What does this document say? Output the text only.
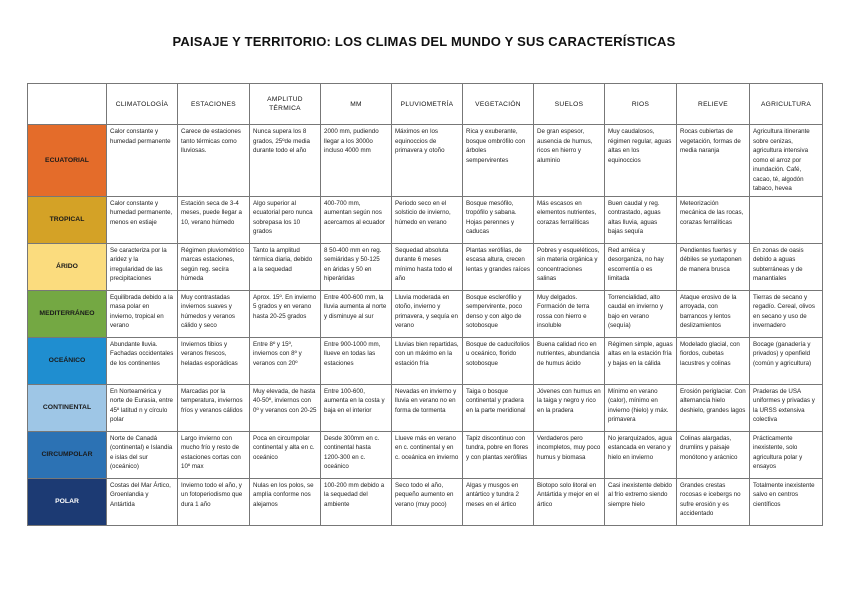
PAISAJE Y TERRITORIO: LOS CLIMAS DEL MUNDO Y SUS CARACTERÍSTICAS
	CLIMATOLOGÍA	ESTACIONES	AMPLITUD TÉRMICA	MM	PLUVIOMETRÍA	VEGETACIÓN	SUELOS	RIOS	RELIEVE	AGRICULTURA
ECUATORIAL	Calor constante y humedad permanente	Carece de estaciones tanto térmicas como lluviosas.	Nunca supera los 8 grados, 25ºde media durante todo el año	2000 mm, pudiendo llegar a los 3000o incluso 4000 mm	Máximos en los equinoccios de primavera y otoño	Rica y exuberante, bosque ombrófilo con árboles sempervirentes	De gran espesor, ausencia de humus, ricos en hierro y aluminio	Muy caudalosos, régimen regular, aguas altas en los equinoccios	Rocas cubiertas de vegetación, formas de media naranja	Agricultura itinerante sobre cenizas, agricultura intensiva como el arroz por inundación. Café, cacao, té, algodón tabaco, hevea
TROPICAL	Calor constante y humedad permanente, menos en estiaje	Estación seca de 3-4 meses, puede llegar a 10, verano húmedo	Algo superior al ecuatorial pero nunca sobrepasa los 10 grados	400-700 mm, aumentan según nos acercamos al ecuador	Periodo seco en el solsticio de invierno, húmedo en verano	Bosque mesófilo, tropófilo y sabana. Hojas perennes y caducas	Más escasos en elementos nutrientes, corazas ferralíticas	Buen caudal y reg. contrastado, aguas altas lluvia, aguas bajas sequía	Meteorización mecánica de las rocas, corazas ferralíticas	
ÁRIDO	Se caracteriza por la aridez y la irregularidad de las precipitaciones	Régimen pluviométrico marcas estaciones, según reg. secíra húmeda	Tanto la amplitud térmica diaria, debido a la sequedad	8 50-400 mm en reg. semiáridas y 50-125 en áridas y 50 en hiperáridas	Sequedad absoluta durante 6 meses mínimo hasta todo el año	Plantas xerófilas, de escasa altura, crecen lentas y grandes raíces	Pobres y esqueléticos, sin materia orgánica y concentraciones salinas	Red arréica y desorganiza, no hay escorrentía o es limitada	Pendientes fuertes y débiles se yuxtaponen de manera brusca	En zonas de oasis debido a aguas subterráneas y de manantiales
MEDITERRÁNEO	Equilibrada debido a la masa polar en invierno, tropical en verano	Muy contrastadas inviernos suaves y húmedos y veranos cálido y seco	Aprox. 15º. En invierno 5 grados y en verano hasta 20-25 grados	Entre 400-600 mm, la lluvia aumenta al norte y disminuye al sur	Lluvia moderada en otoño, invierno y primavera, y sequía en verano	Bosque esclerófilo y sempervirente, poco denso y con algo de sotobosque	Muy delgados. Formación de terra rossa con hierro e insoluble	Torrencialidad, alto caudal en invierno y bajo en verano (sequía)	Ataque erosivo de la arroyada, con barrancos y lentos deslizamientos	Tierras de secano y regadío. Cereal, olivos en secano y uso de invernadero
OCEÁNICO	Abundante lluvia. Fachadas occidentales de los continentes	Inviernos tibios y veranos frescos, heladas esporádicas	Entre 8º y 15º, inviernos con 8º y veranos con 20º	Entre 900-1000 mm, llueve en todas las estaciones	Lluvias bien repartidas, con un máximo en la estación fría	Bosque de caducifolios u oceánico, florido sotobosque	Buena calidad rico en nutrientes, abundancia de humus ácido	Régimen simple, aguas altas en la estación fría y bajas en la cálida	Modelado glacial, con fiordos, cubetas lacustres y colinas	Bocage (ganadería y privados) y openfield (común y agricultura)
CONTINENTAL	En Norteamérica y norte de Eurasia, entre 45º latitud n y círculo polar	Marcadas por la temperatura, inviernos fríos y veranos cálidos	Muy elevada, de hasta 40-50º, inviernos con 0º y veranos con 20-25	Entre 100-600, aumenta en la costa y baja en el interior	Nevadas en invierno y lluvia en verano no en forma de tormenta	Taiga o bosque continental y pradera en la parte meridional	Jóvenes con humus en la taiga y negro y rico en la pradera	Mínimo en verano (calor), mínimo en invierno (hielo) y máx. primavera	Erosión periglaciar. Con alternancia hielo deshielo, grandes lagos	Praderas de USA uniformes y privadas y la URSS extensiva colectiva
CIRCUMPOLAR	Norte de Canadá (continental) e Islandia e islas del sur (oceánico)	Largo invierno con mucho frío y resto de estaciones cortas con 10º max	Poca en circumpolar continental y alta en c. oceánico	Desde 300mm en c. continental hasta 1200-300 en c. oceánico	Llueve más en verano en c. continental y en c. oceánica en invierno	Tapiz discontinuo con tundra, pobre en flores y con plantas xerófilas	Verdaderos pero incompletos, muy poco humus y biomasa	No jerarquizados, agua estancada en verano y hielo en invierno	Colinas alargadas, drumlins y paisaje monótono y arácnico	Prácticamente inexistente, solo agricultura polar y ensayos
POLAR	Costas del Mar Ártico, Groenlandia y Antártida	Invierno todo el año, y un fotoperiodismo que dura 1 año	Nulas en los polos, se amplía conforme nos alejamos	100-200 mm debido a la sequedad del ambiente	Seco todo el año, pequeño aumento en verano (muy poco)	Algas y musgos en antártico y tundra 2 meses en el ártico	Biotopo solo litoral en Antártida y mejor en el ártico	Casi inexistente debido al frío extremo siendo siempre hielo	Grandes crestas rocosas e icebergs no sufre erosión y es accidentado	Totalmente inexistente salvo en centros científicos
